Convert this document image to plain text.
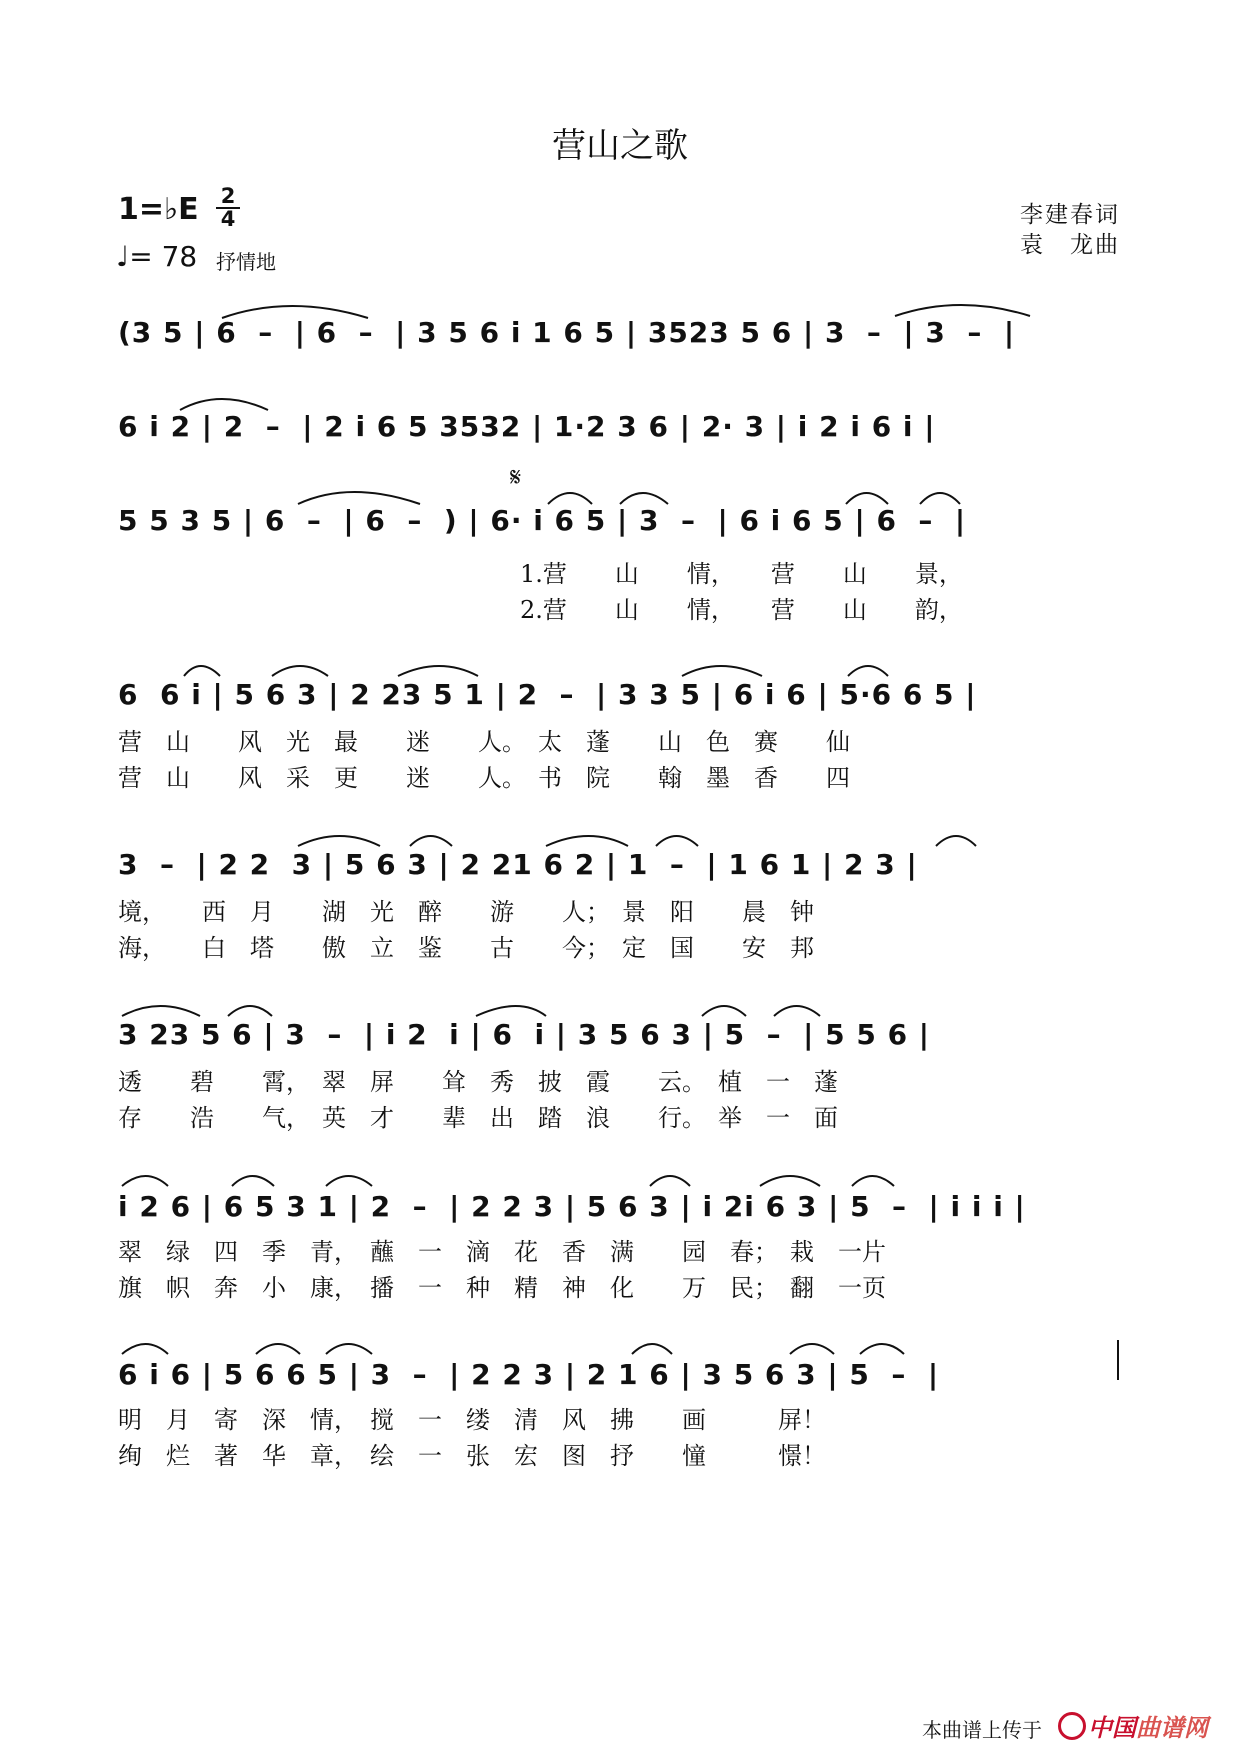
营山之歌
1=♭E 2
4
♩= 78 抒情地
李建春词
袁　龙曲
(3 5 | 6  –  | 6  –  | 3 5 6 i 1 6 5 | 3523 5 6 | 3  –  | 3  –  |
6 i 2 | 2  –  | 2 i 6 5 3532 | 1·2 3 6 | 2· 3 | i 2 i 6 i |
5 5 3 5 | 6  –  | 6  –  ) | 6· i 6 5 | 3  –  | 6 i 6 5 | 6  –  |
1.营　　山　　情，　　营　　山　　景，
2.营　　山　　情，　　营　　山　　韵，
6  6 i | 5 6 3 | 2 23 5 1 | 2  –  | 3 3 5 | 6 i 6 | 5·6 6 5 |
营　山　　风　光　最　　迷　　人。　太　蓬　　山　色　赛　　仙
营　山　　风　采　更　　迷　　人。　书　院　　翰　墨　香　　四
3  –  | 2 2  3 | 5 6 3 | 2 21 6 2 | 1  –  | 1 6 1 | 2 3 |
境，　　西　月　　湖　光　醉　　游　　人；　景　阳　　晨　钟
海，　　白　塔　　傲　立　鉴　　古　　今；　定　国　　安　邦
3 23 5 6 | 3  –  | i 2  i | 6  i | 3 5 6 3 | 5  –  | 5 5 6 |
透　　碧　　霄，　翠　屏　　耸　秀　披　霞　　云。　植　一　蓬
存　　浩　　气，　英　才　　辈　出　踏　浪　　行。　举　一　面
i 2 6 | 6 5 3 1 | 2  –  | 2 2 3 | 5 6 3 | i 2i 6 3 | 5  –  | i i i |
翠　绿　四　季　青，　蘸　一　滴　花　香　满　　园　春；　栽　一片
旗　帜　奔　小　康，　播　一　种　精　神　化　　万　民；　翻　一页
6 i 6 | 5 6 6 5 | 3  –  | 2 2 3 | 2 1 6 | 3 5 6 3 | 5  –  |
明　月　寄　深　情，　搅　一　缕　清　风　拂　　画　　　屏！
绚　烂　著　华　章，　绘　一　张　宏　图　抒　　憧　　　憬！
𝄋
本曲谱上传于	中国曲谱网
